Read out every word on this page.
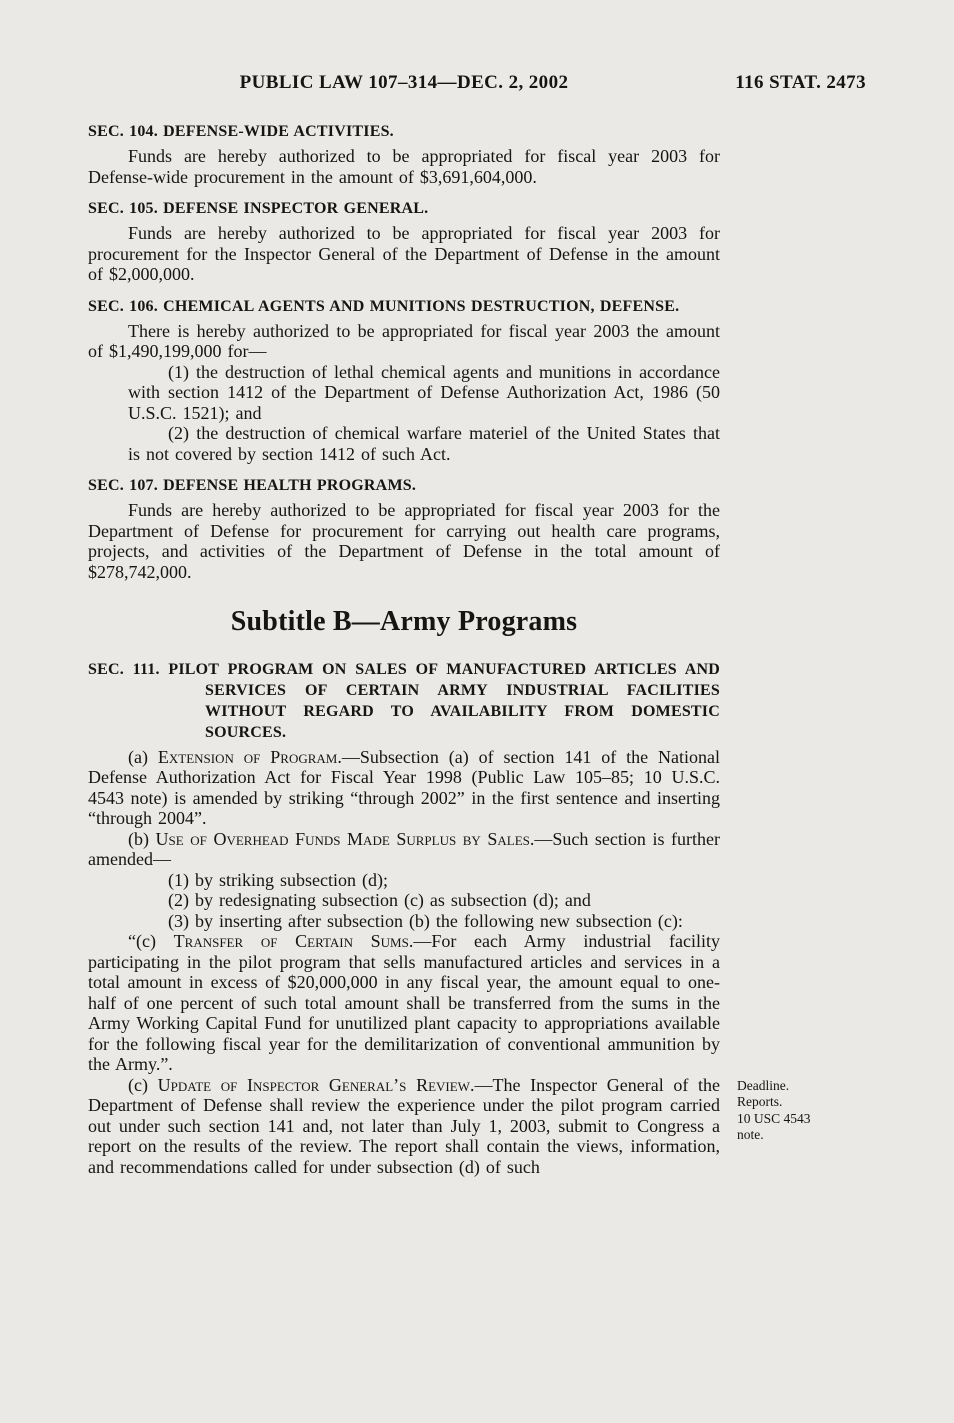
PUBLIC LAW 107–314—DEC. 2, 2002	116 STAT. 2473
SEC. 104. DEFENSE-WIDE ACTIVITIES.

Funds are hereby authorized to be appropriated for fiscal year 2003 for Defense-wide procurement in the amount of $3,691,604,000.

SEC. 105. DEFENSE INSPECTOR GENERAL.

Funds are hereby authorized to be appropriated for fiscal year 2003 for procurement for the Inspector General of the Department of Defense in the amount of $2,000,000.

SEC. 106. CHEMICAL AGENTS AND MUNITIONS DESTRUCTION, DEFENSE.

There is hereby authorized to be appropriated for fiscal year 2003 the amount of $1,490,199,000 for—

(1) the destruction of lethal chemical agents and munitions in accordance with section 1412 of the Department of Defense Authorization Act, 1986 (50 U.S.C. 1521); and

(2) the destruction of chemical warfare materiel of the United States that is not covered by section 1412 of such Act.

SEC. 107. DEFENSE HEALTH PROGRAMS.

Funds are hereby authorized to be appropriated for fiscal year 2003 for the Department of Defense for procurement for carrying out health care programs, projects, and activities of the Department of Defense in the total amount of $278,742,000.

Subtitle B—Army Programs
SEC. 111. PILOT PROGRAM ON SALES OF MANUFACTURED ARTICLES AND SERVICES OF CERTAIN ARMY INDUSTRIAL FACILITIES WITHOUT REGARD TO AVAILABILITY FROM DOMESTIC SOURCES.

(a) Extension of Program.—Subsection (a) of section 141 of the National Defense Authorization Act for Fiscal Year 1998 (Public Law 105–85; 10 U.S.C. 4543 note) is amended by striking “through 2002” in the first sentence and inserting “through 2004”.

(b) Use of Overhead Funds Made Surplus by Sales.—Such section is further amended—

(1) by striking subsection (d);

(2) by redesignating subsection (c) as subsection (d); and

(3) by inserting after subsection (b) the following new subsection (c):

“(c) Transfer of Certain Sums.—For each Army industrial facility participating in the pilot program that sells manufactured articles and services in a total amount in excess of $20,000,000 in any fiscal year, the amount equal to one-half of one percent of such total amount shall be transferred from the sums in the Army Working Capital Fund for unutilized plant capacity to appropriations available for the following fiscal year for the demilitarization of conventional ammunition by the Army.”.

(c) Update of Inspector General’s Review.—The Inspector General of the Department of Defense shall review the experience under the pilot program carried out under such section 141 and, not later than July 1, 2003, submit to Congress a report on the results of the review. The report shall contain the views, information, and recommendations called for under subsection (d) of such

Deadline.
Reports.
10 USC 4543
note.
